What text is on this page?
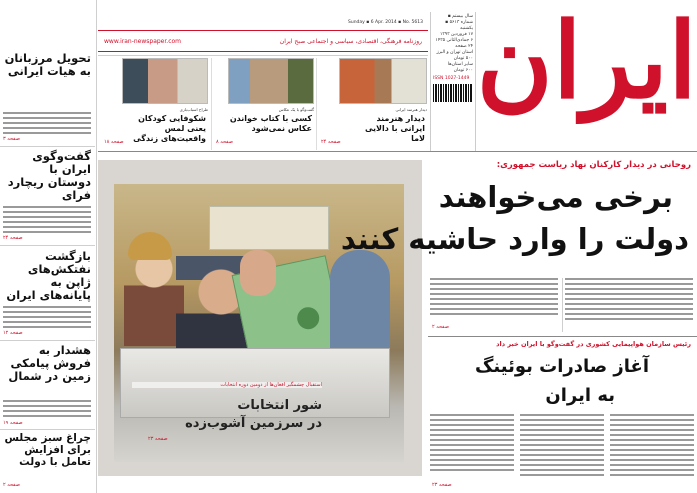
Sunday ▪ 6 Apr. 2014 ▪ No. 5613
www.iran-newspaper.com	روزنامه فرهنگی، اقتصادی، سیاسی و اجتماعی صبح ایران
سال بیستم ▪
شماره ۵۶۱۳ ▪
یکشنبه
۱۷ فروردین ۱۳۹۳
۶ جمادی‌الثانی ۱۴۳۵
۲۴ صفحه
استان تهران و البرز
۵۰۰ تومان
سایر استان‌ها
۶۰۰ تومان
ISSN 1027-1449 ایران
دیدار هنرمند ایرانی
دیدار هنرمند ایرانی با دالایی لاما
صفحه ۲۴
گفت‌وگو با یک عکاس
کسی با کتاب خواندن عکاس نمی‌شود
صفحه ۸
طراح اسباب‌بازی
شکوفایی کودکان یعنی لمس واقعیت‌های زندگی
صفحه ۱۸
تحویل مرزبانان به هیات ایرانی
صفحه ۳
گفت‌وگوی ایران با دوستان ریچارد فرای
صفحه ۲۴
بازگشت نفتکش‌های ژاپن به پایانه‌های ایران
صفحه ۱۲
هشدار به فروش پیامکی زمین در شمال
صفحه ۱۹
چراغ سبز مجلس برای افزایش تعامل با دولت
صفحه ۲
استقبال چشمگیر افغان‌ها از دومین دوره انتخابات
شور انتخابات
در سرزمین آشوب‌زده
صفحه ۲۳
روحانی در دیدار کارکنان نهاد ریاست جمهوری:
برخی می‌خواهند
دولت را وارد حاشیه کنند
صفحه ۲
رئیس سازمان هواپیمایی کشوری در گفت‌وگو با ایران خبر داد
آغاز صادرات بوئینگ
به ایران
صفحه ۲۳
